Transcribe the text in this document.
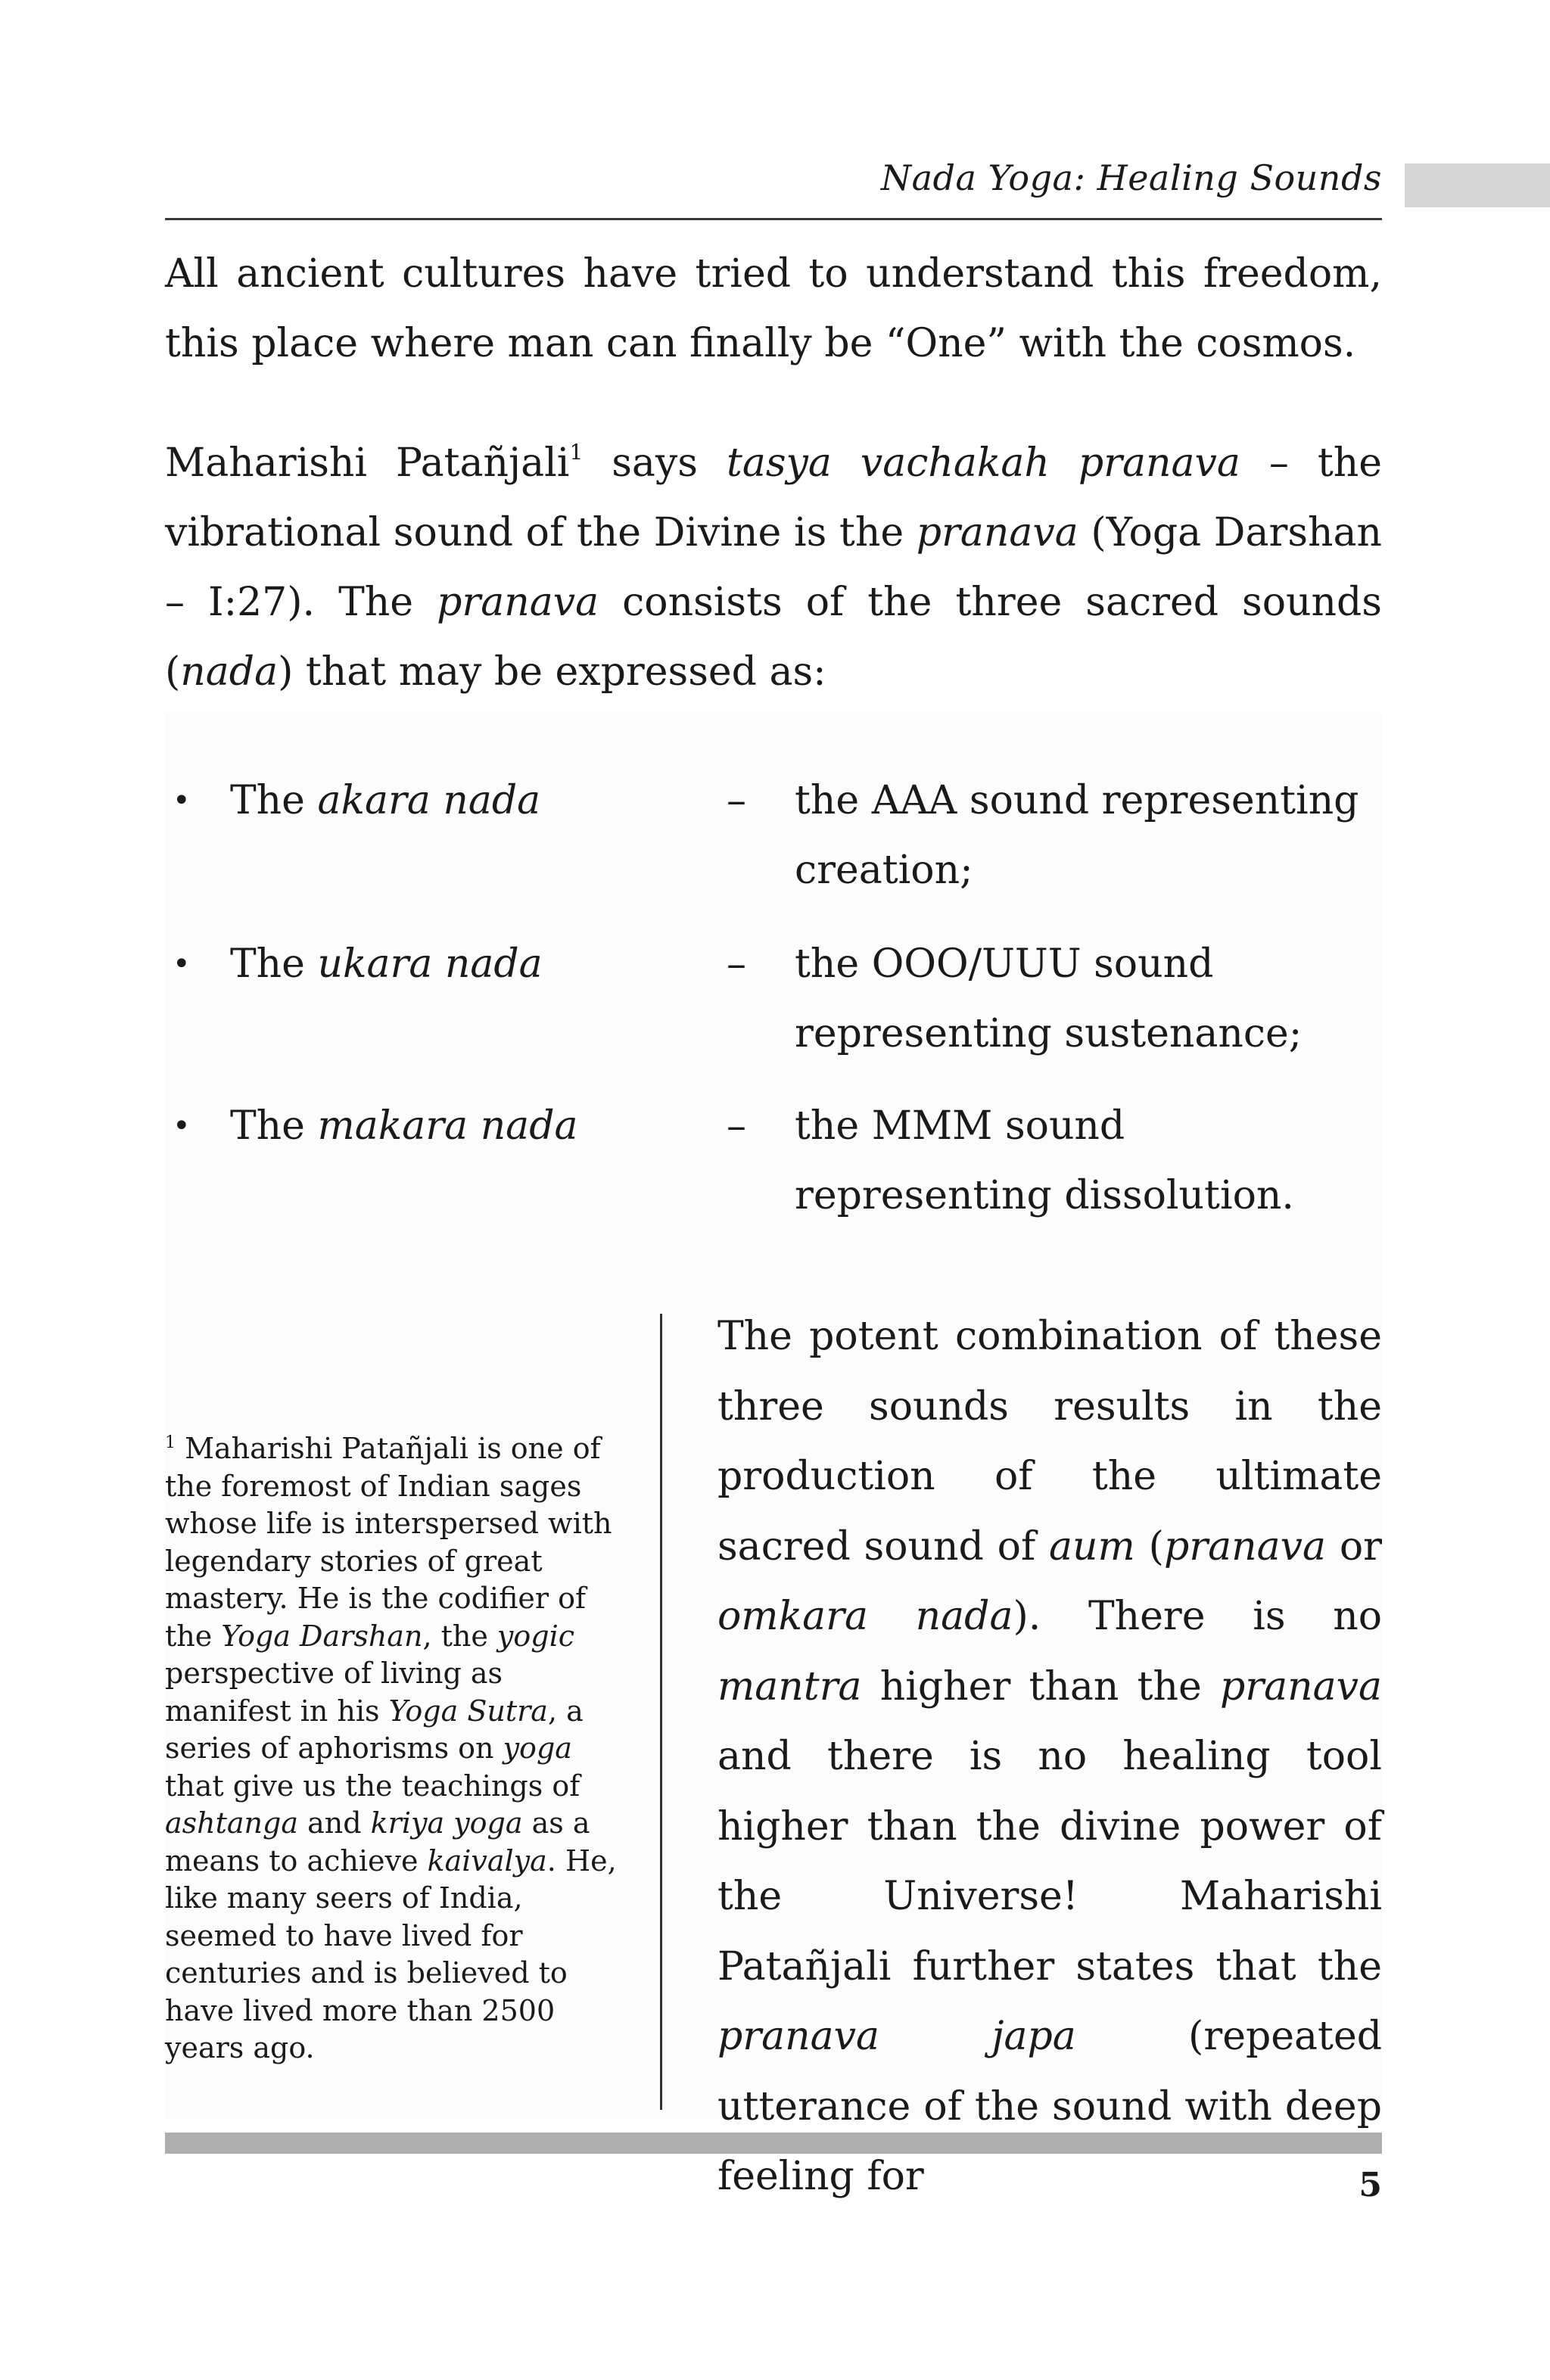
Nada Yoga: Healing Sounds

All ancient cultures have tried to understand this freedom, this place where man can finally be “One” with the cosmos.

Maharishi Patañjali$^1$ says tasya vachakah pranava – the vibrational sound of the Divine is the pranava (Yoga Darshan – I:27). The pranava consists of the three sacred sounds (nada) that may be expressed as:

• The akara nada	– the AAA sound representing creation;
• The ukara nada	– the OOO/UUU sound representing sustenance;
• The makara nada	– the MMM sound representing dissolution.

$^1$ Maharishi Patañjali is one of the foremost of Indian sages whose life is interspersed with legendary stories of great mastery. He is the codifier of the Yoga Darshan, the yogic perspective of living as manifest in his Yoga Sutra, a series of aphorisms on yoga that give us the teachings of ashtanga and kriya yoga as a means to achieve kaivalya. He, like many seers of India, seemed to have lived for centuries and is believed to have lived more than 2500 years ago.

The potent combination of these three sounds results in the production of the ultimate sacred sound of aum (pranava or omkara nada). There is no mantra higher than the pranava and there is no healing tool higher than the divine power of the Universe! Maharishi Patañjali further states that the pranava japa (repeated utterance of the sound with deep feeling for	5
